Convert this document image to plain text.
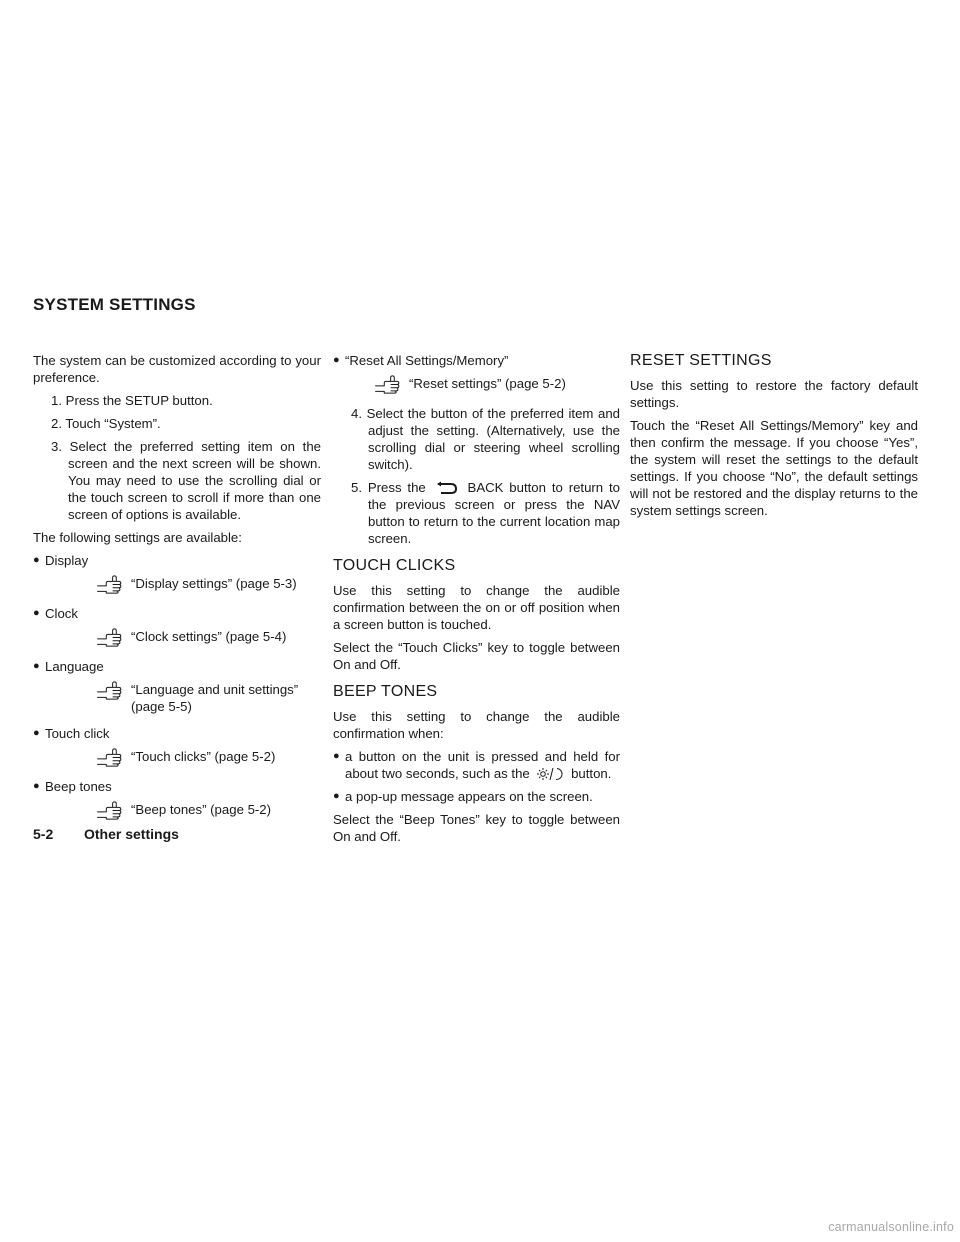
SYSTEM SETTINGS

The system can be customized according to your preference.

1. Press the SETUP button.
2. Touch “System”.
3. Select the preferred setting item on the screen and the next screen will be shown. You may need to use the scrolling dial or the touch screen to scroll if more than one screen of options is available.

The following settings are available:

● Display
“Display settings” (page 5-3)
● Clock
“Clock settings” (page 5-4)
● Language
“Language and unit settings”
(page 5-5)
● Touch click
“Touch clicks” (page 5-2)
● Beep tones
“Beep tones” (page 5-2)
● “Reset All Settings/Memory”
“Reset settings” (page 5-2)
4. Select the button of the preferred item and adjust the setting. (Alternatively, use the scrolling dial or steering wheel scrolling switch).
5. Press the	BACK button to return to the previous screen or press the NAV button to return to the current location map screen.
TOUCH CLICKS

Use this setting to change the audible confirmation between the on or off position when a screen button is touched.

Select the “Touch Clicks” key to toggle between On and Off.

BEEP TONES

Use this setting to change the audible confirmation when:

● a button on the unit is pressed and held for about two seconds, such as the	button.
● a pop-up message appears on the screen.

Select the “Beep Tones” key to toggle between On and Off.

RESET SETTINGS

Use this setting to restore the factory default settings.

Touch the “Reset All Settings/Memory” key and then confirm the message. If you choose “Yes”, the system will reset the settings to the default settings. If you choose “No”, the default settings will not be restored and the display returns to the system settings screen.

5-2 Other settings
carmanualsonline.info
